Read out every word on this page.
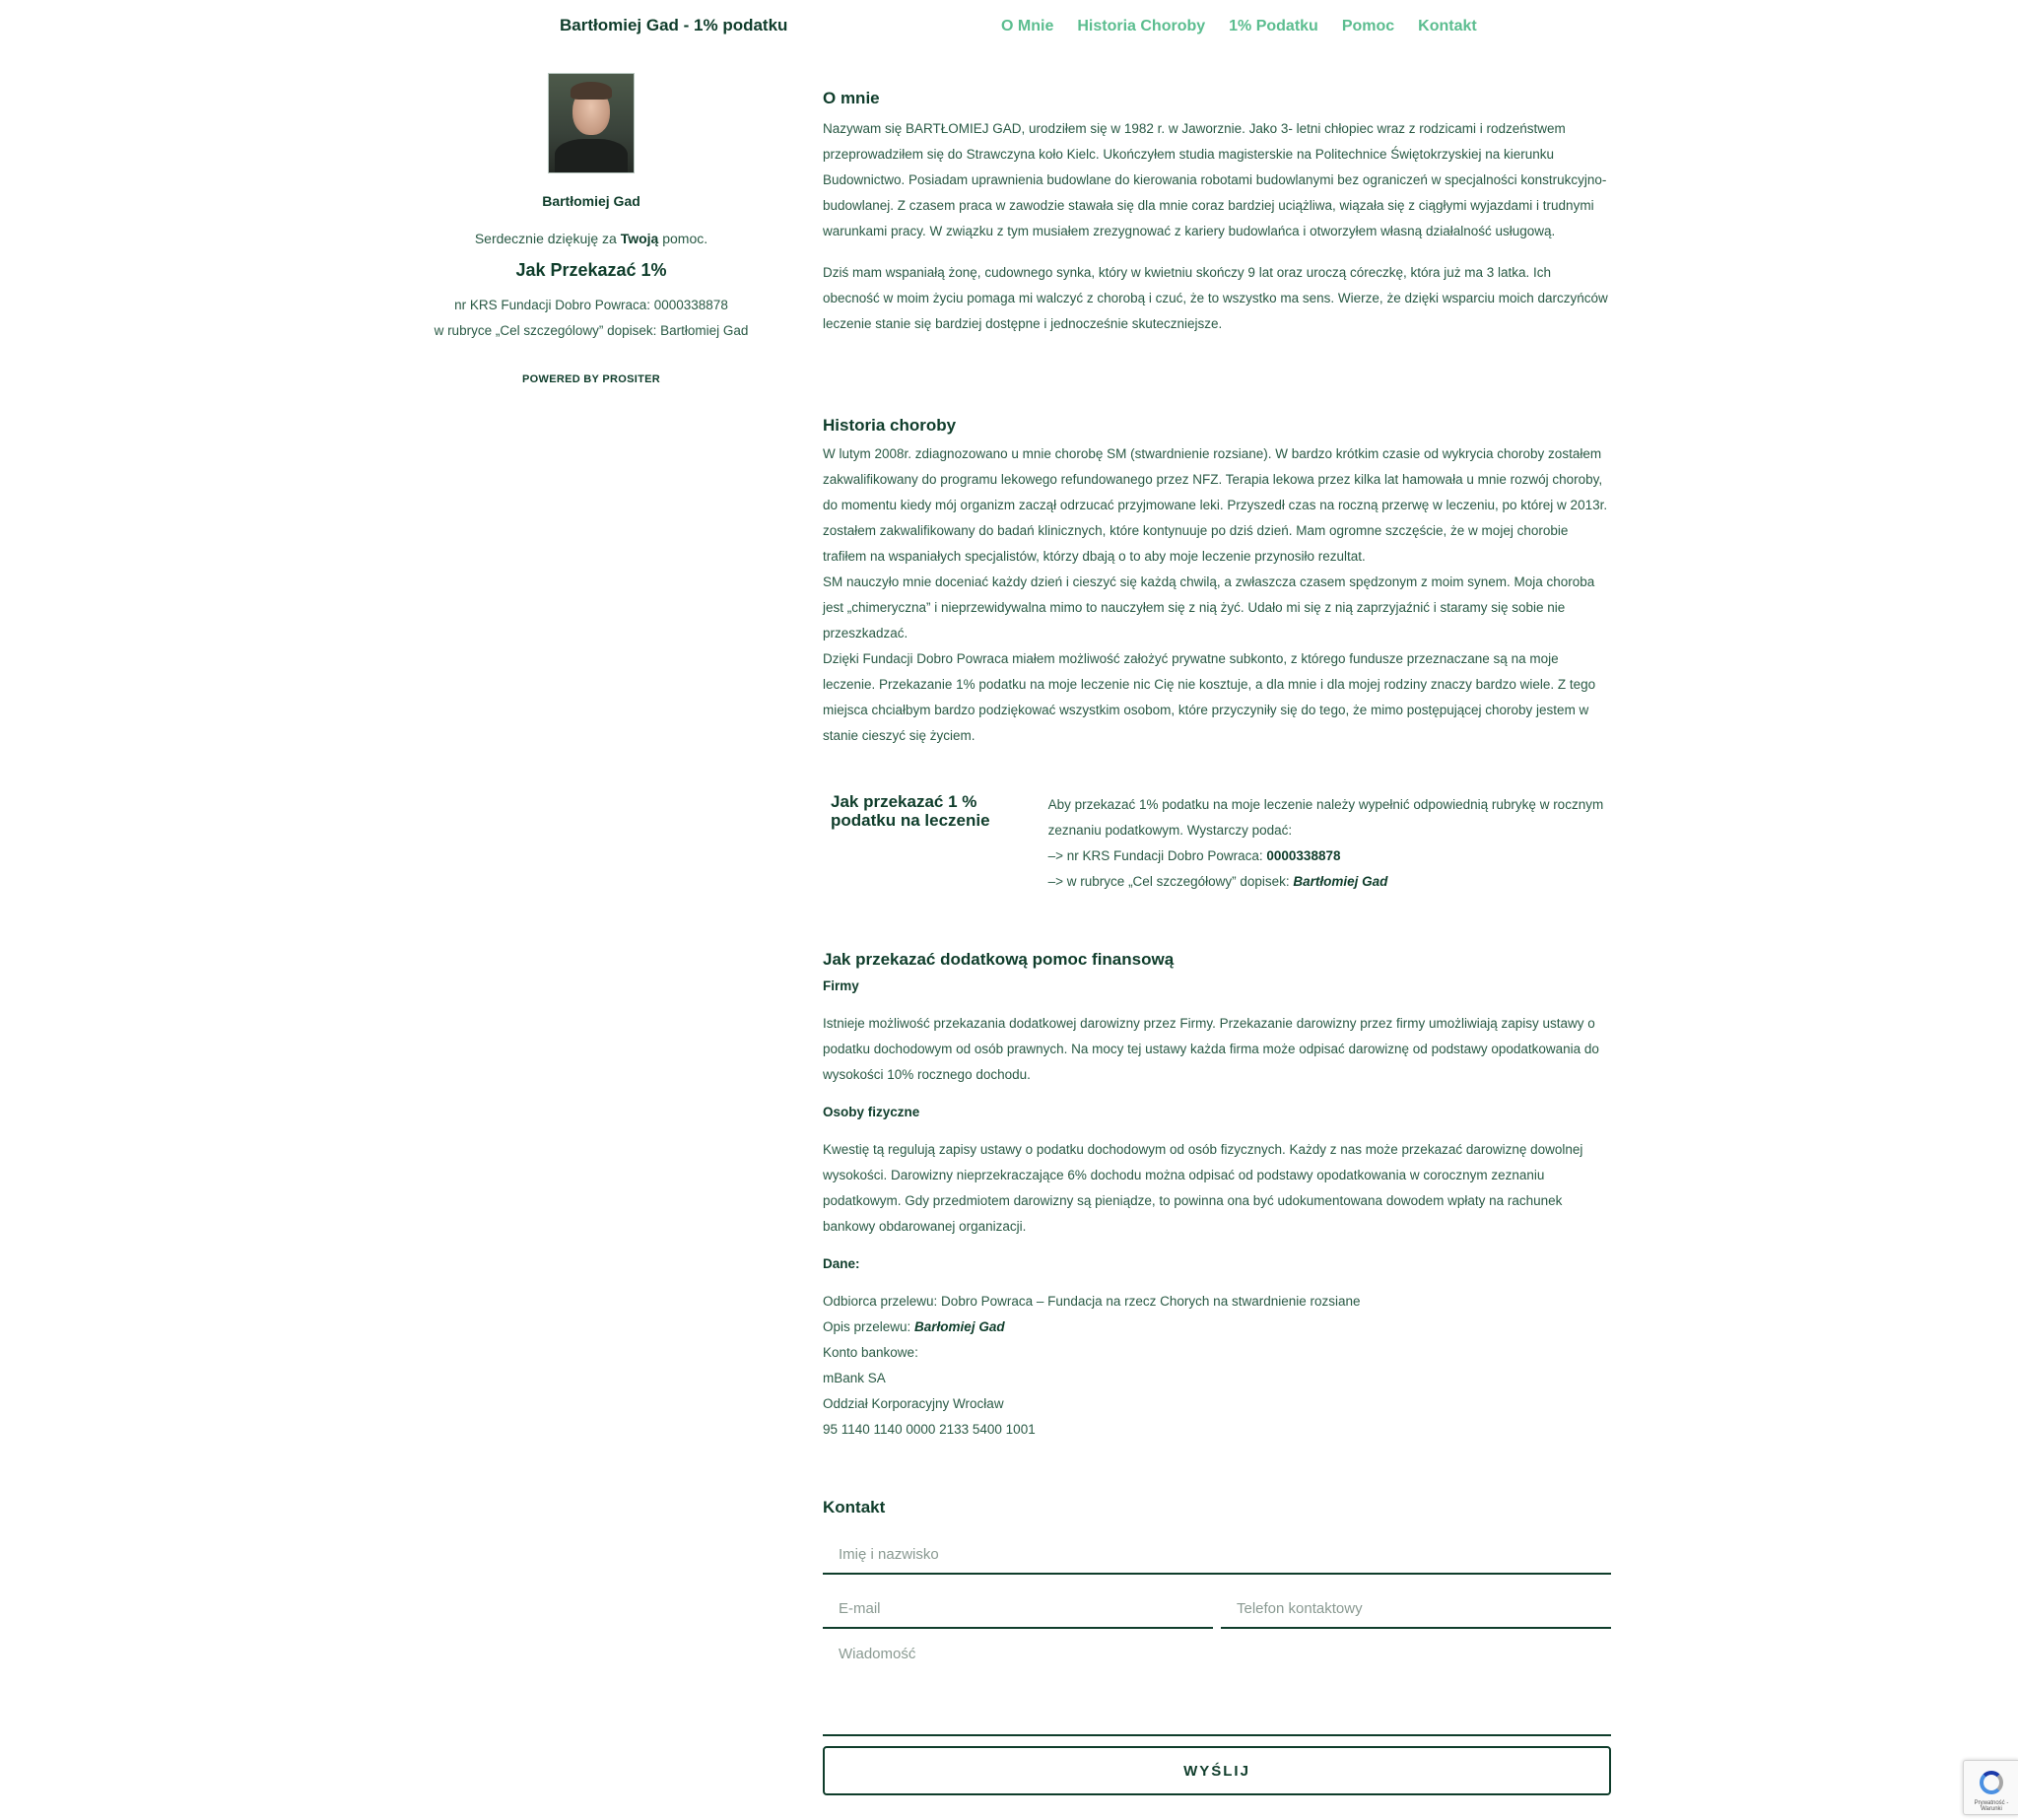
Bartłomiej Gad - 1% podatku	O Mnie Historia Choroby 1% Podatku Pomoc Kontakt
Bartłomiej Gad
Serdecznie dziękuję za Twoją pomoc.
Jak Przekazać 1%
nr KRS Fundacji Dobro Powraca: 0000338878
w rubryce „Cel szczególowy” dopisek: Bartłomiej Gad
POWERED BY PROSITER
O mnie

Nazywam się BARTŁOMIEJ GAD, urodziłem się w 1982 r. w Jaworznie. Jako 3- letni chłopiec wraz z rodzicami i rodzeństwem przeprowadziłem się do Strawczyna koło Kielc. Ukończyłem studia magisterskie na Politechnice Świętokrzyskiej na kierunku Budownictwo. Posiadam uprawnienia budowlane do kierowania robotami budowlanymi bez ograniczeń w specjalności konstrukcyjno-budowlanej. Z czasem praca w zawodzie stawała się dla mnie coraz bardziej uciążliwa, wiązała się z ciągłymi wyjazdami i trudnymi warunkami pracy. W związku z tym musiałem zrezygnować z kariery budowlańca i otworzyłem własną działalność usługową.

Dziś mam wspaniałą żonę, cudownego synka, który w kwietniu skończy 9 lat oraz uroczą córeczkę, która już ma 3 latka. Ich obecność w moim życiu pomaga mi walczyć z chorobą i czuć, że to wszystko ma sens. Wierze, że dzięki wsparciu moich darczyńców leczenie stanie się bardziej dostępne i jednocześnie skuteczniejsze.

Historia choroby

W lutym 2008r. zdiagnozowano u mnie chorobę SM (stwardnienie rozsiane). W bardzo krótkim czasie od wykrycia choroby zostałem zakwalifikowany do programu lekowego refundowanego przez NFZ. Terapia lekowa przez kilka lat hamowała u mnie rozwój choroby, do momentu kiedy mój organizm zaczął odrzucać przyjmowane leki. Przyszedł czas na roczną przerwę w leczeniu, po której w 2013r. zostałem zakwalifikowany do badań klinicznych, które kontynuuje po dziś dzień. Mam ogromne szczęście, że w mojej chorobie trafiłem na wspaniałych specjalistów, którzy dbają o to aby moje leczenie przynosiło rezultat.

SM nauczyło mnie doceniać każdy dzień i cieszyć się każdą chwilą, a zwłaszcza czasem spędzonym z moim synem. Moja choroba jest „chimeryczna” i nieprzewidywalna mimo to nauczyłem się z nią żyć. Udało mi się z nią zaprzyjaźnić i staramy się sobie nie przeszkadzać.

Dzięki Fundacji Dobro Powraca miałem możliwość założyć prywatne subkonto, z którego fundusze przeznaczane są na moje leczenie. Przekazanie 1% podatku na moje leczenie nic Cię nie kosztuje, a dla mnie i dla mojej rodziny znaczy bardzo wiele. Z tego miejsca chciałbym bardzo podziękować wszystkim osobom, które przyczyniły się do tego, że mimo postępującej choroby jestem w stanie cieszyć się życiem.

Jak przekazać 1 % podatku na leczenie

Aby przekazać 1% podatku na moje leczenie należy wypełnić odpowiednią rubrykę w rocznym zeznaniu podatkowym. Wystarczy podać:

–> nr KRS Fundacji Dobro Powraca: 0000338878

–> w rubryce „Cel szczegółowy” dopisek: Bartłomiej Gad

Jak przekazać dodatkową pomoc finansową
Firmy

Istnieje możliwość przekazania dodatkowej darowizny przez Firmy. Przekazanie darowizny przez firmy umożliwiają zapisy ustawy o podatku dochodowym od osób prawnych. Na mocy tej ustawy każda firma może odpisać darowiznę od podstawy opodatkowania do wysokości 10% rocznego dochodu.

Osoby fizyczne

Kwestię tą regulują zapisy ustawy o podatku dochodowym od osób fizycznych. Każdy z nas może przekazać darowiznę dowolnej wysokości. Darowizny nieprzekraczające 6% dochodu można odpisać od podstawy opodatkowania w corocznym zeznaniu podatkowym. Gdy przedmiotem darowizny są pieniądze, to powinna ona być udokumentowana dowodem wpłaty na rachunek bankowy obdarowanej organizacji.

Dane:

Odbiorca przelewu: Dobro Powraca – Fundacja na rzecz Chorych na stwardnienie rozsiane

Opis przelewu: Barłomiej Gad

Konto bankowe:

mBank SA

Oddział Korporacyjny Wrocław

95 1140 1140 0000 2133 5400 1001

Kontakt
Imię i nazwisko
E-mail	Telefon kontaktowy
Wiadomość
WYŚLIJ
Prywatność - Warunki
